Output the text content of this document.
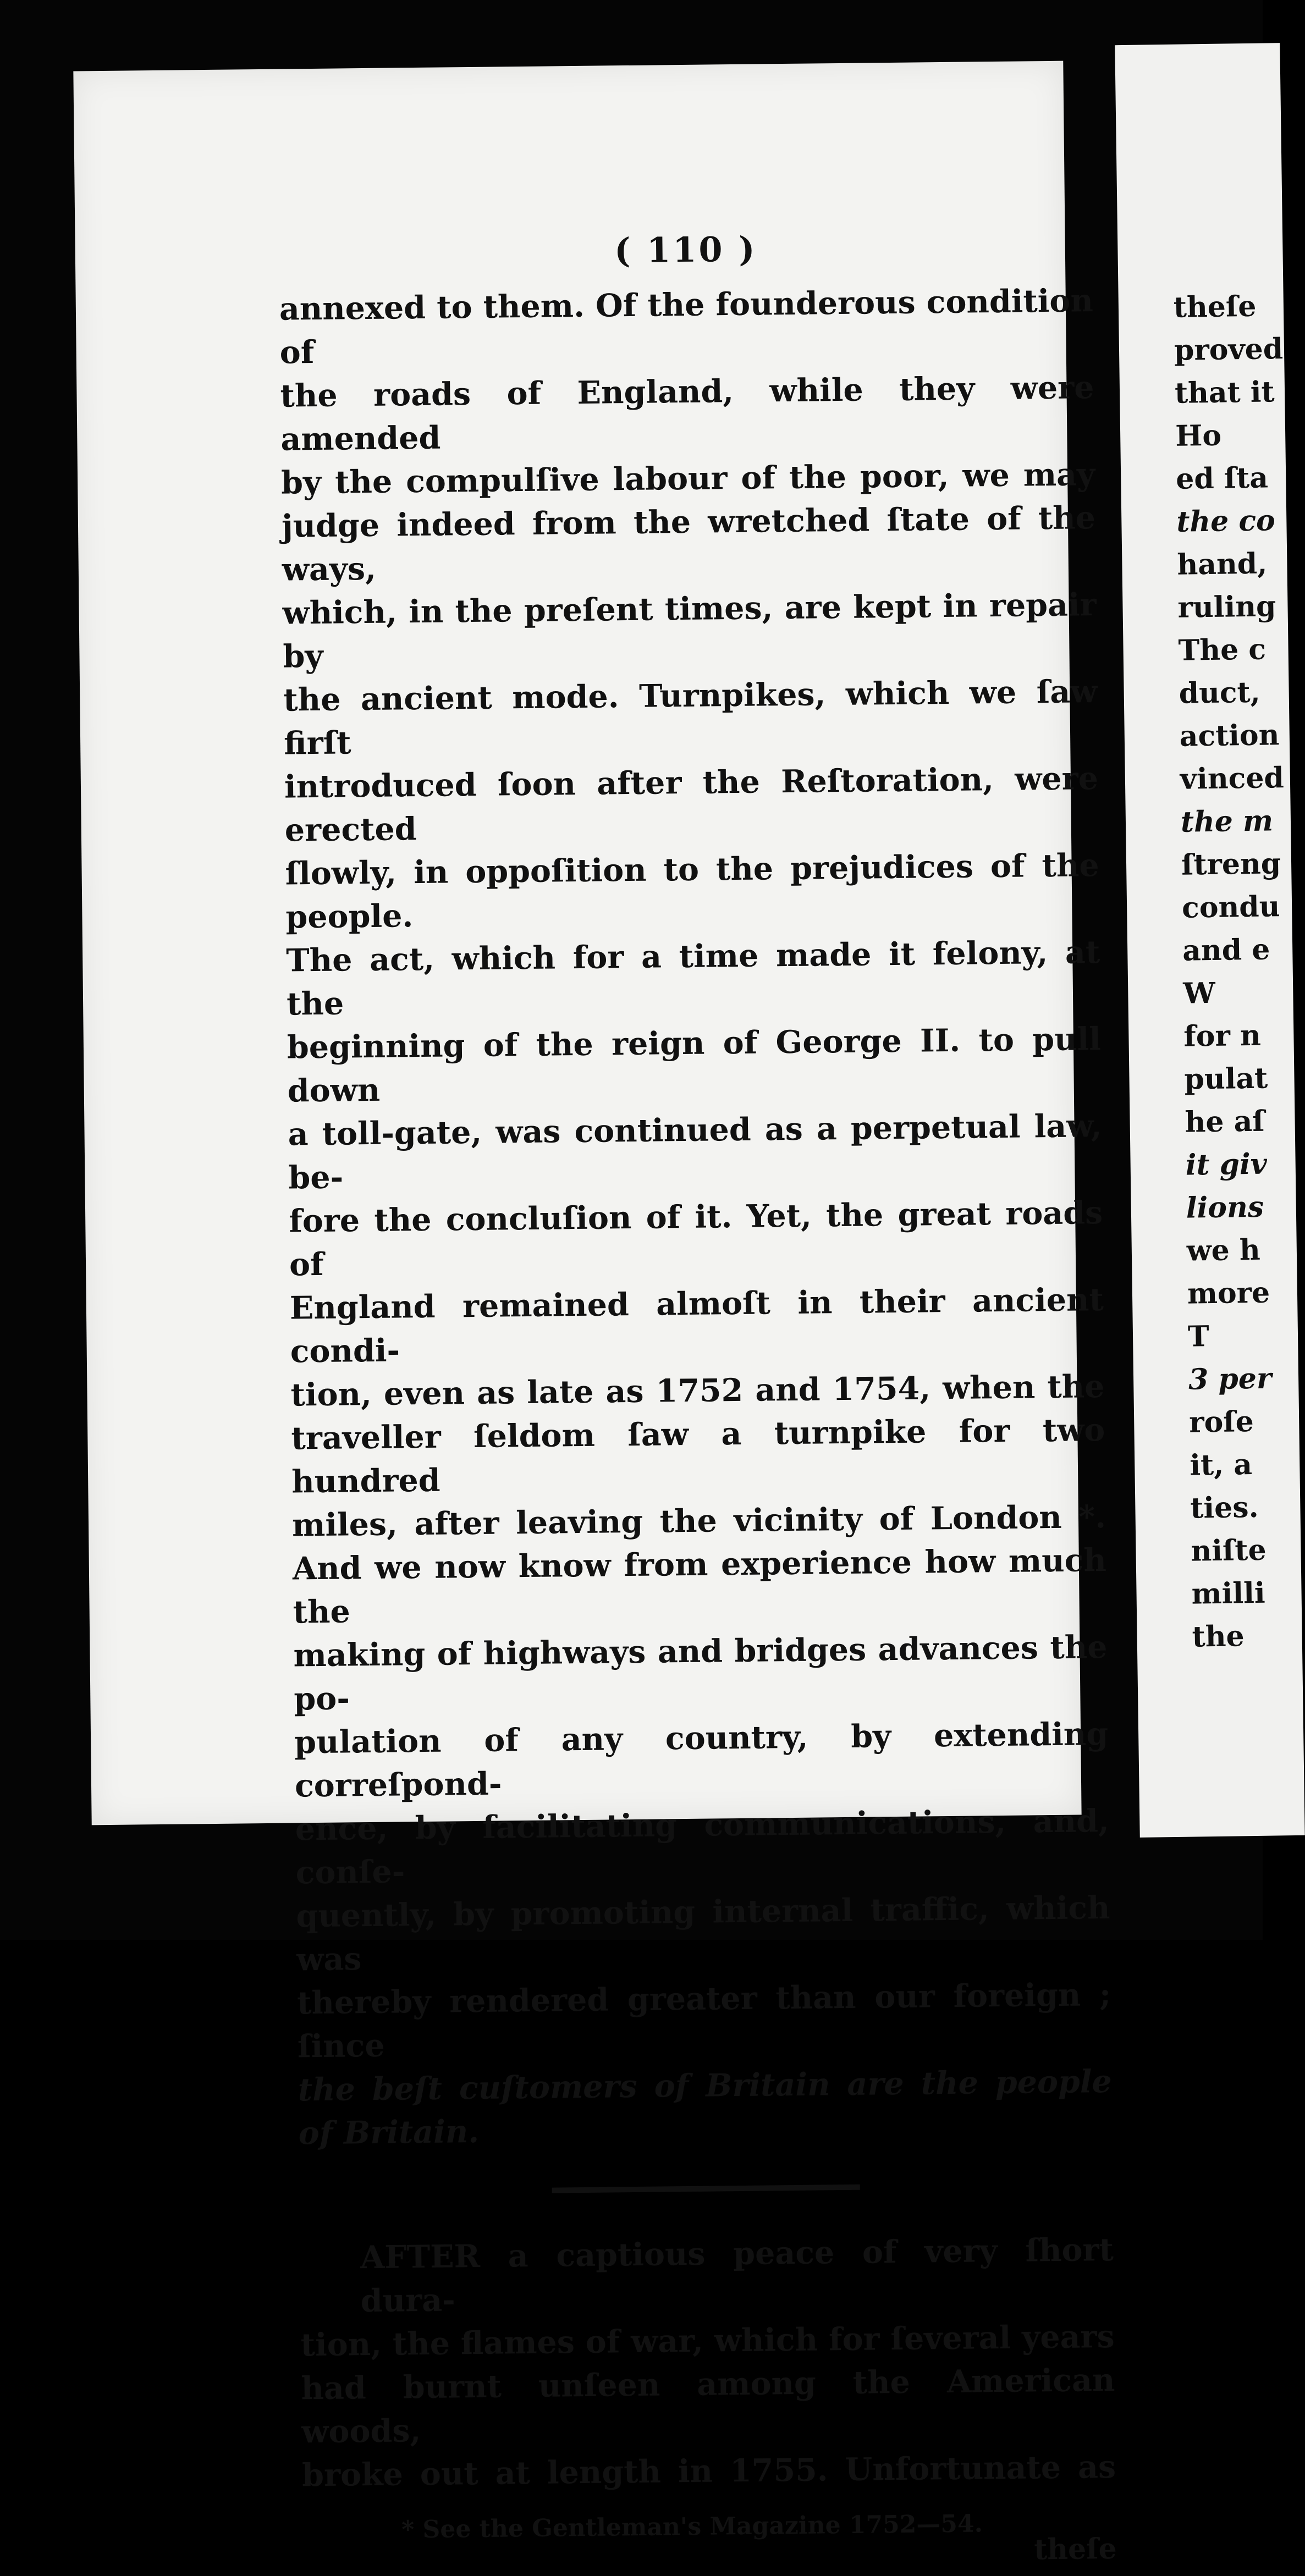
( 110 )
annexed to them. Of the founderous condition of
the roads of England, while they were amended
by the compulſive labour of the poor, we may
judge indeed from the wretched ſtate of the ways,
which, in the preſent times, are kept in repair by
the ancient mode. Turnpikes, which we ſaw firſt
introduced ſoon after the Reſtoration, were erected
ſlowly, in oppoſition to the prejudices of the people.
The act, which for a time made it felony, at the
beginning of the reign of George II. to pull down
a toll-gate, was continued as a perpetual law, be-
fore the concluſion of it. Yet, the great roads of
England remained almoſt in their ancient condi-
tion, even as late as 1752 and 1754, when the
traveller ſeldom ſaw a turnpike for two hundred
miles, after leaving the vicinity of London *.
And we now know from experience how much the
making of highways and bridges advances the po-
pulation of any country, by extending correſpond-
ence, by facilitating communications, and, conſe-
quently, by promoting internal traffic, which was
thereby rendered greater than our foreign ; ſince
the beſt cuſtomers of Britain are the people of Britain.
AFTER a captious peace of very ſhort dura-
tion, the flames of war, which for ſeveral years
had burnt unſeen among the American woods,
broke out at length in 1755. Unfortunate as
* See the Gentleman's Magazine 1752—54.
theſe
theſe
proved
that it
Ho
ed ſta
the co
hand,
ruling
The c
duct,
action
vinced
the m
ſtreng
condu
and e
W
for n
pulat
he aſ
it giv
lions
we h
more
T
3 per
roſe
it, a
ties.
niſte
milli
the
